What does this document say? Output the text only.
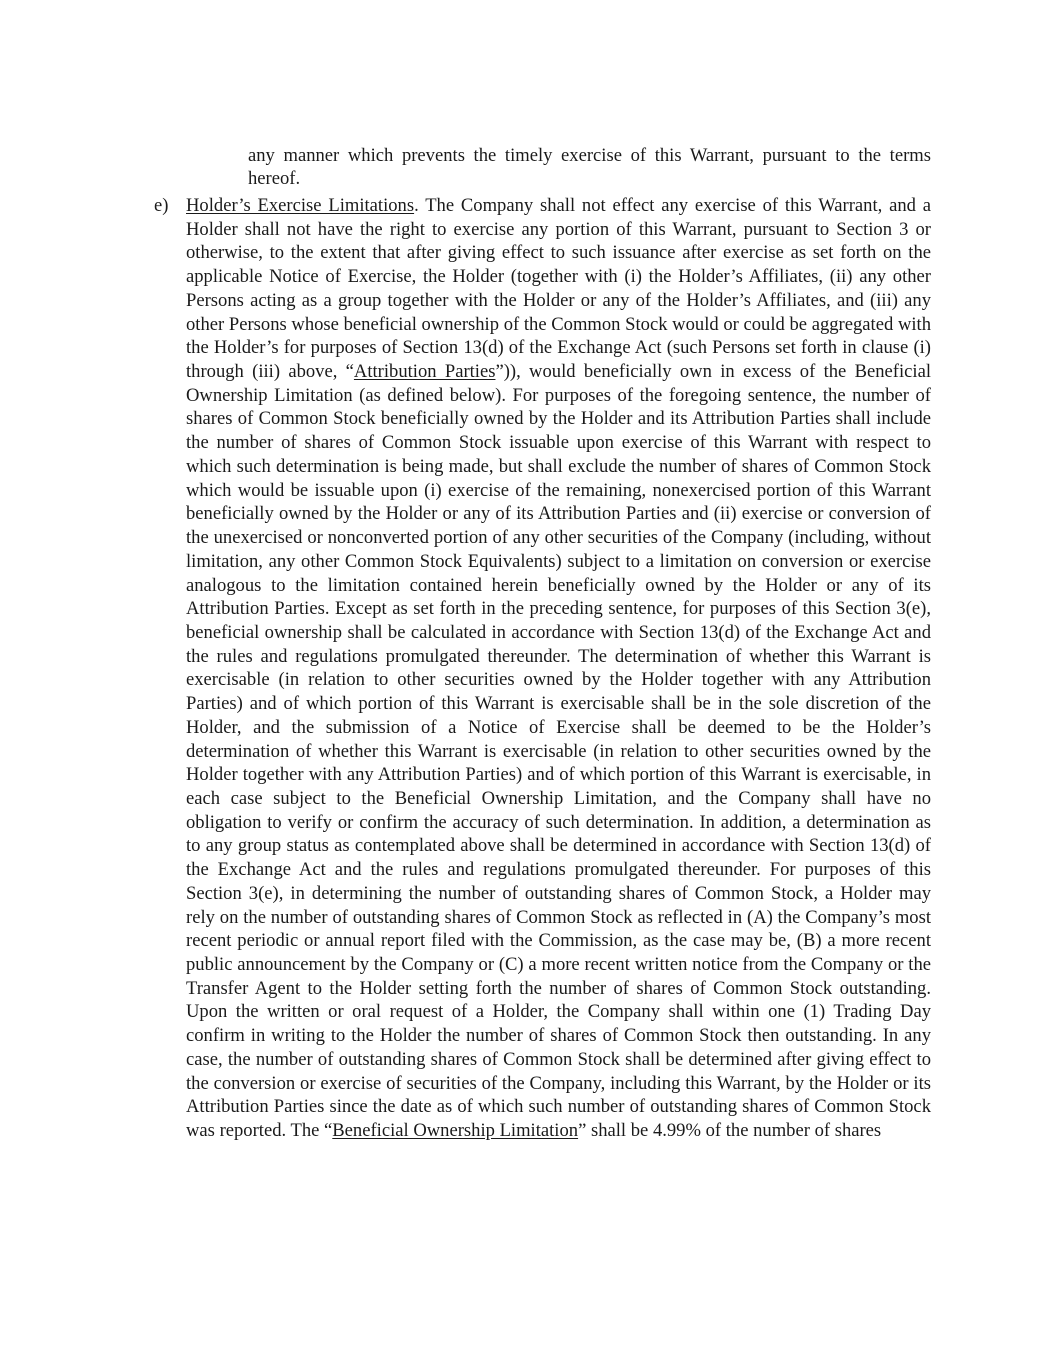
any manner which prevents the timely exercise of this Warrant, pursuant to the terms hereof.

e) Holder’s Exercise Limitations. The Company shall not effect any exercise of this Warrant, and a Holder shall not have the right to exercise any portion of this Warrant, pursuant to Section 3 or otherwise, to the extent that after giving effect to such issuance after exercise as set forth on the applicable Notice of Exercise, the Holder (together with (i) the Holder’s Affiliates, (ii) any other Persons acting as a group together with the Holder or any of the Holder’s Affiliates, and (iii) any other Persons whose beneficial ownership of the Common Stock would or could be aggregated with the Holder’s for purposes of Section 13(d) of the Exchange Act (such Persons set forth in clause (i) through (iii) above, “Attribution Parties”)), would beneficially own in excess of the Beneficial Ownership Limitation (as defined below). For purposes of the foregoing sentence, the number of shares of Common Stock beneficially owned by the Holder and its Attribution Parties shall include the number of shares of Common Stock issuable upon exercise of this Warrant with respect to which such determination is being made, but shall exclude the number of shares of Common Stock which would be issuable upon (i) exercise of the remaining, nonexercised portion of this Warrant beneficially owned by the Holder or any of its Attribution Parties and (ii) exercise or conversion of the unexercised or nonconverted portion of any other securities of the Company (including, without limitation, any other Common Stock Equivalents) subject to a limitation on conversion or exercise analogous to the limitation contained herein beneficially owned by the Holder or any of its Attribution Parties. Except as set forth in the preceding sentence, for purposes of this Section 3(e), beneficial ownership shall be calculated in accordance with Section 13(d) of the Exchange Act and the rules and regulations promulgated thereunder. The determination of whether this Warrant is exercisable (in relation to other securities owned by the Holder together with any Attribution Parties) and of which portion of this Warrant is exercisable shall be in the sole discretion of the Holder, and the submission of a Notice of Exercise shall be deemed to be the Holder’s determination of whether this Warrant is exercisable (in relation to other securities owned by the Holder together with any Attribution Parties) and of which portion of this Warrant is exercisable, in each case subject to the Beneficial Ownership Limitation, and the Company shall have no obligation to verify or confirm the accuracy of such determination. In addition, a determination as to any group status as contemplated above shall be determined in accordance with Section 13(d) of the Exchange Act and the rules and regulations promulgated thereunder. For purposes of this Section 3(e), in determining the number of outstanding shares of Common Stock, a Holder may rely on the number of outstanding shares of Common Stock as reflected in (A) the Company’s most recent periodic or annual report filed with the Commission, as the case may be, (B) a more recent public announcement by the Company or (C) a more recent written notice from the Company or the Transfer Agent to the Holder setting forth the number of shares of Common Stock outstanding. Upon the written or oral request of a Holder, the Company shall within one (1) Trading Day confirm in writing to the Holder the number of shares of Common Stock then outstanding. In any case, the number of outstanding shares of Common Stock shall be determined after giving effect to the conversion or exercise of securities of the Company, including this Warrant, by the Holder or its Attribution Parties since the date as of which such number of outstanding shares of Common Stock was reported. The “Beneficial Ownership Limitation” shall be 4.99% of the number of shares
